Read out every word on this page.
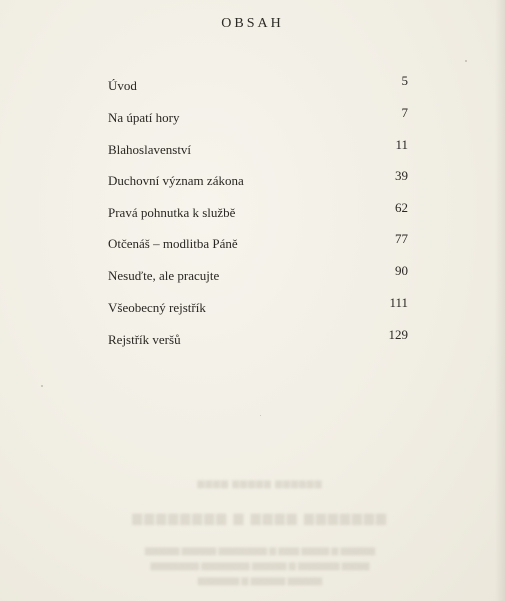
OBSAH
Úvod	5
Na úpatí hory	7
Blahoslavenství	11
Duchovní význam zákona	39
Pravá pohnutka k službě	62
Otčenáš – modlitba Páně	77
Nesuďte, ale pracujte	90
Všeobecný rejstřík	111
Rejstřík veršů	129
▆▆▆▆ ▆▆▆▆▆ ▆▆▆▆▆▆
▆▆▆▆▆▆▆▆ ▆ ▆▆▆▆ ▆▆▆▆▆▆▆
▆▆▆▆▆ ▆▆▆▆▆ ▆▆▆▆▆▆▆ ▆ ▆▆▆ ▆▆▆▆ ▆ ▆▆▆▆▆
▆▆▆▆▆▆▆ ▆▆▆▆▆▆▆ ▆▆▆▆▆ ▆ ▆▆▆▆▆▆ ▆▆▆▆
▆▆▆▆▆▆ ▆ ▆▆▆▆▆ ▆▆▆▆▆
